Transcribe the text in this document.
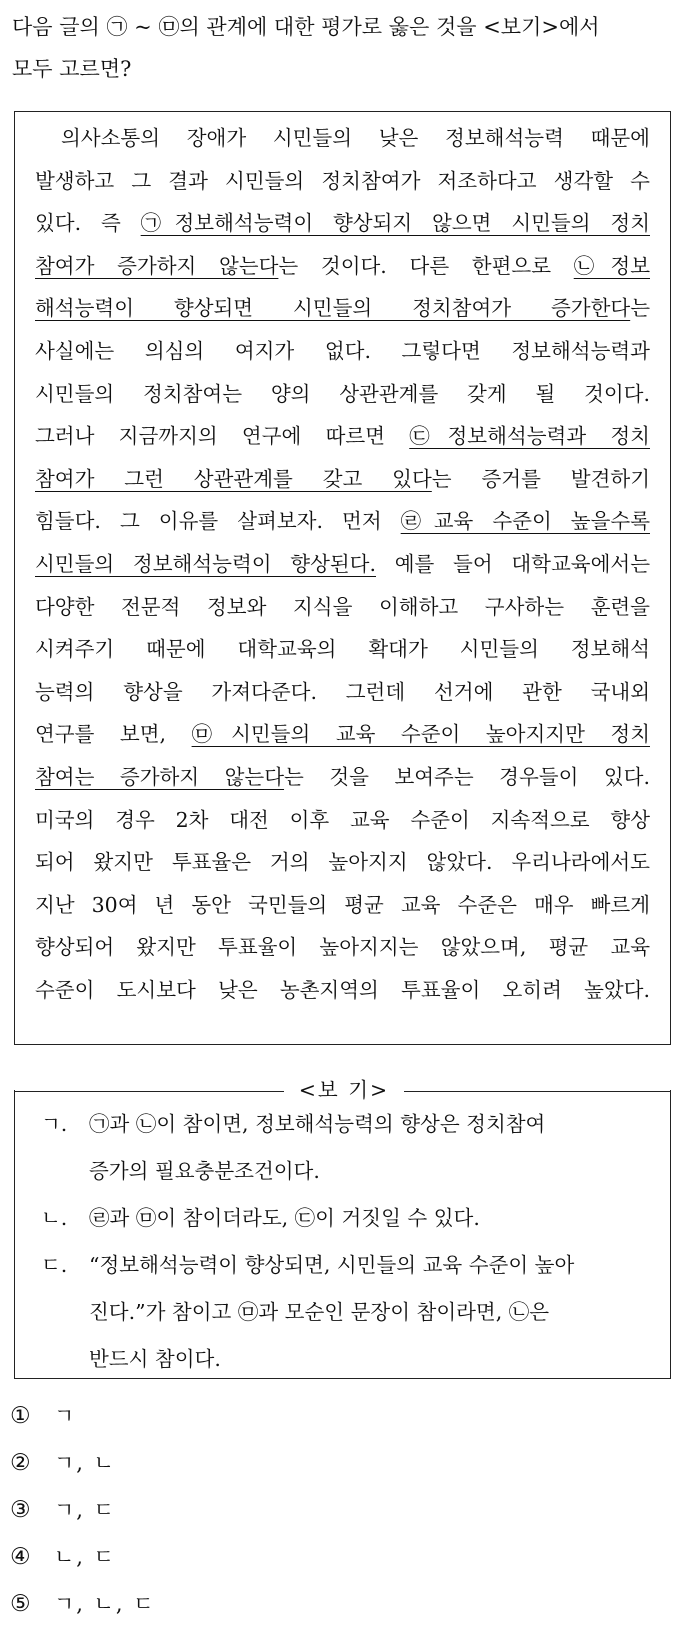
다음 글의 ㉠ ~ ㉤의 관계에 대한 평가로 옳은 것을 <보기>에서
모두 고르면?
의사소통의 장애가 시민들의 낮은 정보해석능력 때문에
발생하고 그 결과 시민들의 정치참여가 저조하다고 생각할 수
있다. 즉 ㉠정보해석능력이 향상되지 않으면 시민들의 정치
참여가 증가하지 않는다는 것이다. 다른 한편으로 ㉡정보
해석능력이 향상되면 시민들의 정치참여가 증가한다는
사실에는 의심의 여지가 없다. 그렇다면 정보해석능력과
시민들의 정치참여는 양의 상관관계를 갖게 될 것이다.
그러나 지금까지의 연구에 따르면 ㉢정보해석능력과 정치
참여가 그런 상관관계를 갖고 있다는 증거를 발견하기
힘들다. 그 이유를 살펴보자. 먼저 ㉣교육 수준이 높을수록
시민들의 정보해석능력이 향상된다. 예를 들어 대학교육에서는
다양한 전문적 정보와 지식을 이해하고 구사하는 훈련을
시켜주기 때문에 대학교육의 확대가 시민들의 정보해석
능력의 향상을 가져다준다. 그런데 선거에 관한 국내외
연구를 보면, ㉤시민들의 교육 수준이 높아지지만 정치
참여는 증가하지 않는다는 것을 보여주는 경우들이 있다.
미국의 경우 2차 대전 이후 교육 수준이 지속적으로 향상
되어 왔지만 투표율은 거의 높아지지 않았다. 우리나라에서도
지난 30여 년 동안 국민들의 평균 교육 수준은 매우 빠르게
향상되어 왔지만 투표율이 높아지지는 않았으며, 평균 교육
수준이 도시보다 낮은 농촌지역의 투표율이 오히려 높았다.
<보 기>
ㄱ.	㉠과 ㉡이 참이면, 정보해석능력의 향상은 정치참여
증가의 필요충분조건이다.
ㄴ.	㉣과 ㉤이 참이더라도, ㉢이 거짓일 수 있다.
ㄷ.	“정보해석능력이 향상되면, 시민들의 교육 수준이 높아
진다.”가 참이고 ㉤과 모순인 문장이 참이라면, ㉡은
반드시 참이다.
①	ㄱ
②	ㄱ, ㄴ
③	ㄱ, ㄷ
④	ㄴ, ㄷ
⑤	ㄱ, ㄴ, ㄷ
